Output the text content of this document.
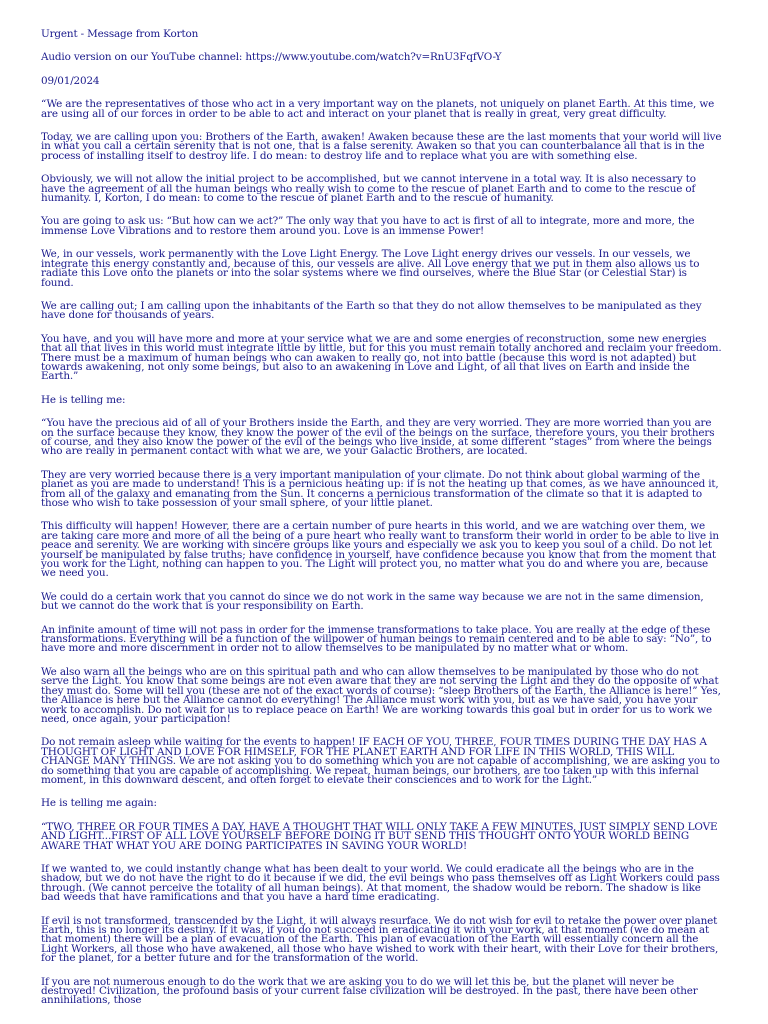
Urgent - Message from Korton

Audio version on our YouTube channel: https://www.youtube.com/watch?v=RnU3FqfVO-Y

09/01/2024

“We are the representatives of those who act in a very important way on the planets, not uniquely on planet Earth. At this time, we are using all of our forces in order to be able to act and interact on your planet that is really in great, very great difficulty.

Today, we are calling upon you: Brothers of the Earth, awaken! Awaken because these are the last moments that your world will live in what you call a certain serenity that is not one, that is a false serenity. Awaken so that you can counterbalance all that is in the process of installing itself to destroy life. I do mean: to destroy life and to replace what you are with something else.

Obviously, we will not allow the initial project to be accomplished, but we cannot intervene in a total way. It is also necessary to have the agreement of all the human beings who really wish to come to the rescue of planet Earth and to come to the rescue of humanity. I, Korton, I do mean: to come to the rescue of planet Earth and to the rescue of humanity.

You are going to ask us: “But how can we act?” The only way that you have to act is first of all to integrate, more and more, the immense Love Vibrations and to restore them around you. Love is an immense Power!

We, in our vessels, work permanently with the Love Light Energy. The Love Light energy drives our vessels. In our vessels, we integrate this energy constantly and, because of this, our vessels are alive. All Love energy that we put in them also allows us to radiate this Love onto the planets or into the solar systems where we find ourselves, where the Blue Star (or Celestial Star) is found.

We are calling out; I am calling upon the inhabitants of the Earth so that they do not allow themselves to be manipulated as they have done for thousands of years.

You have, and you will have more and more at your service what we are and some energies of reconstruction, some new energies that all that lives in this world must integrate little by little, but for this you must remain totally anchored and reclaim your freedom. There must be a maximum of human beings who can awaken to really go, not into battle (because this word is not adapted) but towards awakening, not only some beings, but also to an awakening in Love and Light, of all that lives on Earth and inside the Earth.”

He is telling me:

“You have the precious aid of all of your Brothers inside the Earth, and they are very worried. They are more worried than you are on the surface because they know, they know the power of the evil of the beings on the surface, therefore yours, you their brothers of course, and they also know the power of the evil of the beings who live inside, at some different “stages” from where the beings who are really in permanent contact with what we are, we your Galactic Brothers, are located.

They are very worried because there is a very important manipulation of your climate. Do not think about global warming of the planet as you are made to understand! This is a pernicious heating up: if is not the heating up that comes, as we have announced it, from all of the galaxy and emanating from the Sun. It concerns a pernicious transformation of the climate so that it is adapted to those who wish to take possession of your small sphere, of your little planet.

This difficulty will happen! However, there are a certain number of pure hearts in this world, and we are watching over them, we are taking care more and more of all the being of a pure heart who really want to transform their world in order to be able to live in peace and serenity. We are working with sincere groups like yours and especially we ask you to keep you soul of a child. Do not let yourself be manipulated by false truths; have confidence in yourself, have confidence because you know that from the moment that you work for the Light, nothing can happen to you. The Light will protect you, no matter what you do and where you are, because we need you.

We could do a certain work that you cannot do since we do not work in the same way because we are not in the same dimension, but we cannot do the work that is your responsibility on Earth.

An infinite amount of time will not pass in order for the immense transformations to take place. You are really at the edge of these transformations. Everything will be a function of the willpower of human beings to remain centered and to be able to say: “No”, to have more and more discernment in order not to allow themselves to be manipulated by no matter what or whom.

We also warn all the beings who are on this spiritual path and who can allow themselves to be manipulated by those who do not serve the Light. You know that some beings are not even aware that they are not serving the Light and they do the opposite of what they must do. Some will tell you (these are not of the exact words of course): “sleep Brothers of the Earth, the Alliance is here!” Yes, the Alliance is here but the Alliance cannot do everything! The Alliance must work with you, but as we have said, you have your work to accomplish. Do not wait for us to replace peace on Earth! We are working towards this goal but in order for us to work we need, once again, your participation!

Do not remain asleep while waiting for the events to happen! IF EACH OF YOU, THREE, FOUR TIMES DURING THE DAY HAS A THOUGHT OF LIGHT AND LOVE FOR HIMSELF, FOR THE PLANET EARTH AND FOR LIFE IN THIS WORLD, THIS WILL CHANGE MANY THINGS. We are not asking you to do something which you are not capable of accomplishing, we are asking you to do something that you are capable of accomplishing. We repeat, human beings, our brothers, are too taken up with this infernal moment, in this downward descent, and often forget to elevate their consciences and to work for the Light.”

He is telling me again:

“TWO, THREE OR FOUR TIMES A DAY, HAVE A THOUGHT THAT WILL ONLY TAKE A FEW MINUTES, JUST SIMPLY SEND LOVE AND LIGHT...FIRST OF ALL LOVE YOURSELF BEFORE DOING IT BUT SEND THIS THOUGHT ONTO YOUR WORLD BEING AWARE THAT WHAT YOU ARE DOING PARTICIPATES IN SAVING YOUR WORLD!

If we wanted to, we could instantly change what has been dealt to your world. We could eradicate all the beings who are in the shadow, but we do not have the right to do it because if we did, the evil beings who pass themselves off as Light Workers could pass through. (We cannot perceive the totality of all human beings). At that moment, the shadow would be reborn. The shadow is like bad weeds that have ramifications and that you have a hard time eradicating.

If evil is not transformed, transcended by the Light, it will always resurface. We do not wish for evil to retake the power over planet Earth, this is no longer its destiny. If it was, if you do not succeed in eradicating it with your work, at that moment (we do mean at that moment) there will be a plan of evacuation of the Earth. This plan of evacuation of the Earth will essentially concern all the Light Workers, all those who have awakened, all those who have wished to work with their heart, with their Love for their brothers, for the planet, for a better future and for the transformation of the world.

If you are not numerous enough to do the work that we are asking you to do we will let this be, but the planet will never be destroyed! Civilization, the profound basis of your current false civilization will be destroyed. In the past, there have been other annihilations, those
